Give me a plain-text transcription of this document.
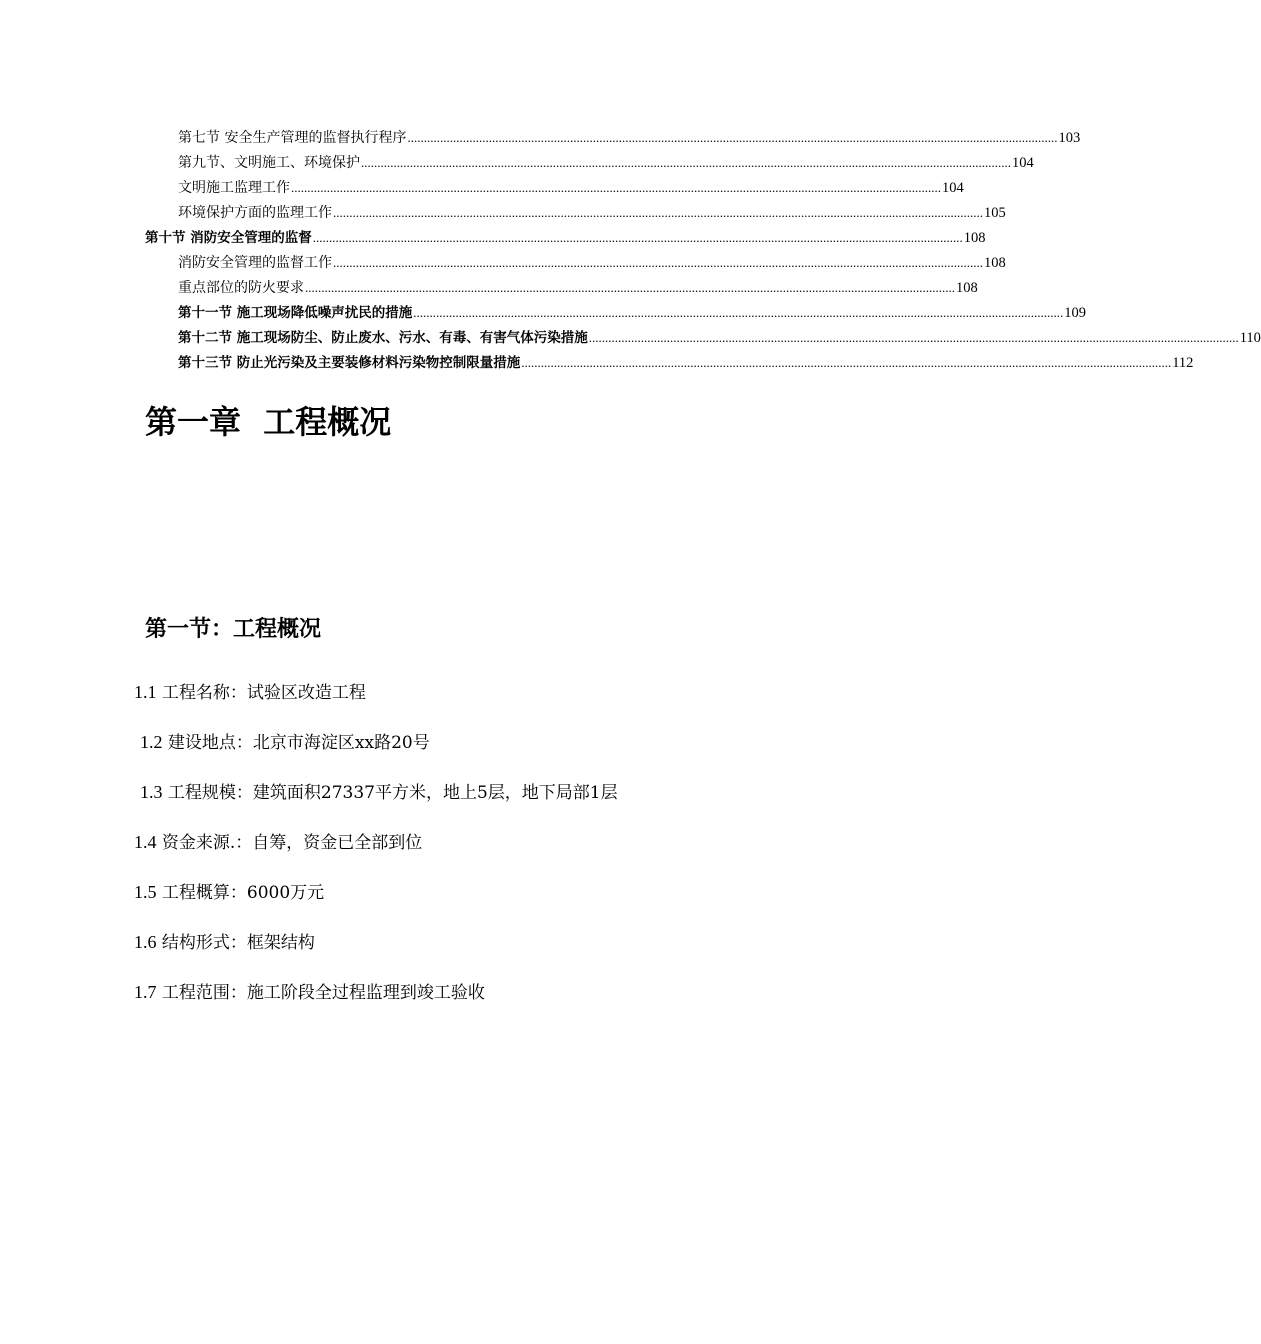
第七节 安全生产管理的监督执行程序 ........................................................................................................................................................................................................ 103
第九节、文明施工、环境保护 ........................................................................................................................................................................................................ 104
文明施工监理工作 ........................................................................................................................................................................................................ 104
环境保护方面的监理工作 ........................................................................................................................................................................................................ 105
第十节 消防安全管理的监督 ........................................................................................................................................................................................................ 108
消防安全管理的监督工作 ........................................................................................................................................................................................................ 108
重点部位的防火要求 ........................................................................................................................................................................................................ 108
第十一节 施工现场降低噪声扰民的措施 ........................................................................................................................................................................................................ 109
第十二节 施工现场防尘、防止废水、污水、有毒、有害气体污染措施 ........................................................................................................................................................................................................ 110
第十三节 防止光污染及主要装修材料污染物控制限量措施 ........................................................................................................................................................................................................ 112
第一章  工程概况
第一节：工程概况
1.1 工程名称：试验区改造工程
1.2 建设地点：北京市海淀区xx路20号
1.3 工程规模：建筑面积27337平方米，地上5层，地下局部1层
1.4 资金来源.：自筹，资金已全部到位
1.5 工程概算：6000万元
1.6 结构形式：框架结构
1.7 工程范围：施工阶段全过程监理到竣工验收
